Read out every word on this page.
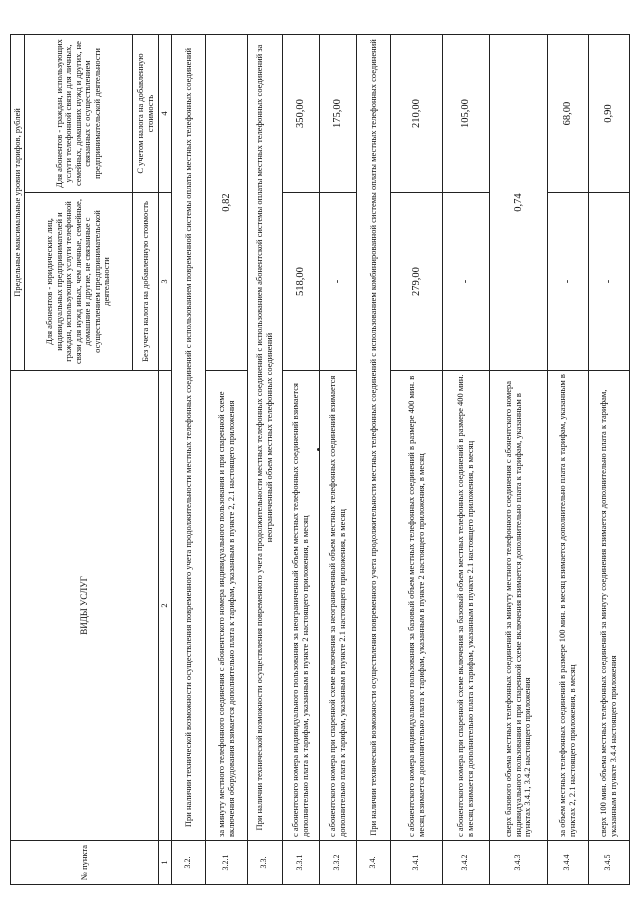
№ пункта	ВИДЫ УСЛУГ	Предельные максимальные уровни тарифов, рублей	
		Для абонентов - юридических лиц, индивидуальных предпринимателей и граждан, использующих услуги телефонной связи для нужд иных, чем личные, семейные, домашние и другие, не связанные с осуществлением предпринимательской деятельности	Для абонентов - граждан, использующих услуги телефонной связи для личных, семейных, домашних нужд и других, не связанных с осуществлением предпринимательской деятельности
		Без учета налога на добавленную стоимость	С учетом налога на добавленную стоимость
1	2	3	4
3.2.	При наличии технической возможности осуществления повременного учета продолжительности местных телефонных соединений с использованием повременной системы оплаты местных телефонных соединений		
3.2.1	за минуту местного телефонного соединения с абонентского номера индивидуального пользования и при спаренной схеме включения оборудования взимается дополнительно плата к тарифам, указанным в пункте 2, 2.1 настоящего приложения	0,82	
3.3.	При наличии технической возможности осуществления повременного учета продолжительности местных телефонных соединений с использованием абонентской системы оплаты местных телефонных соединений за неограниченный объем местных телефонных соединений		
3.3.1	с абонентского номера индивидуального пользования за неограниченный объем местных телефонных соединений взимается дополнительно плата к тарифам, указанным в пункте 2 настоящего приложения, в месяц	518,00	350,00
3.3.2	с абонентского номера при спаренной схеме включения за неограниченный объем местных телефонных соединений взимается дополнительно плата к тарифам, указанным в пункте 2.1 настоящего приложения, в месяц	-	175,00
3.4.	При наличии технической возможности осуществления повременного учета продолжительности местных телефонных соединений с использованием комбинированной системы оплаты местных телефонных соединений		
3.4.1	с абонентского номера индивидуального пользования за базовый объем местных телефонных соединений в размере 400 мин. в месяц взимается дополнительно плата к тарифам, указанным в пункте 2 настоящего приложения, в месяц	279,00	210,00
3.4.2	с абонентского номера при спаренной схеме включения за базовый объем местных телефонных соединений в размере 400 мин. в месяц взимается дополнительно плата к тарифам, указанным в пункте 2.1 настоящего приложения, в месяц	-	105,00
3.4.3	сверх базового объема местных телефонных соединений за минуту местного телефонного соединения с абонентского номера индивидуального пользования и при спаренной схеме включения взимается дополнительно плата к тарифам, указанным в пунктах 3.4.1, 3.4.2 настоящего приложения	0,74	
3.4.4	за объем местных телефонных соединений в размере 100 мин. в месяц взимается дополнительно плата к тарифам, указанным в пунктах 2, 2.1 настоящего приложения, в месяц	-	68,00
3.4.5	сверх 100 мин. объема местных телефонных соединений за минуту соединения взимается дополнительно плата к тарифам, указанным в пункте 3.4.4 настоящего приложения	-	0,90
